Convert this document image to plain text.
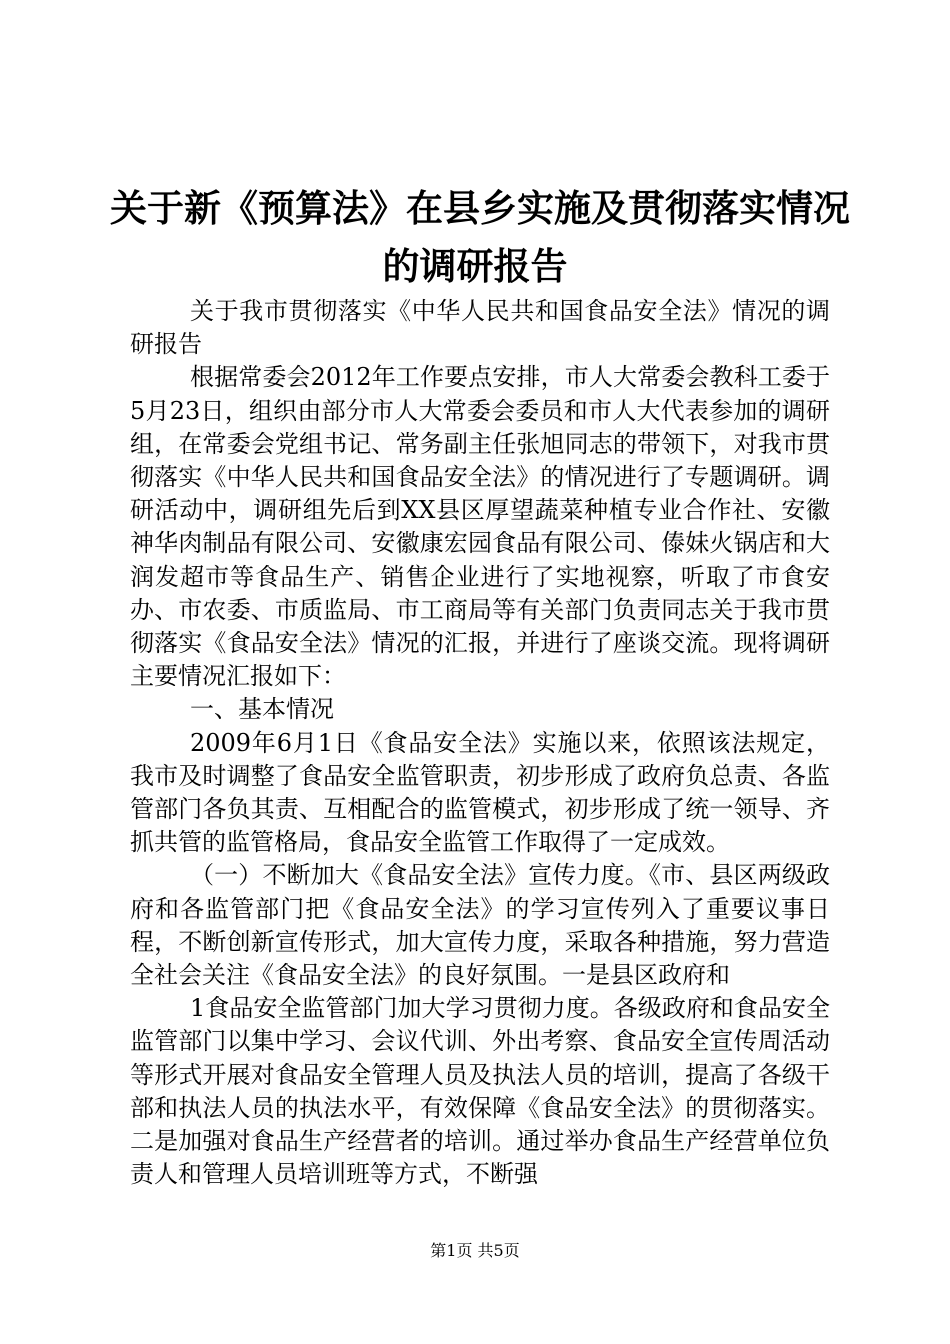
关于新《预算法》在县乡实施及贯彻落实情况
的调研报告

关于我市贯彻落实《中华人民共和国食品安全法》情况的调研报告

根据常委会2012年工作要点安排，市人大常委会教科工委于5月23日，组织由部分市人大常委会委员和市人大代表参加的调研组，在常委会党组书记、常务副主任张旭同志的带领下，对我市贯彻落实《中华人民共和国食品安全法》的情况进行了专题调研。调研活动中，调研组先后到XX县区厚望蔬菜种植专业合作社、安徽神华肉制品有限公司、安徽康宏园食品有限公司、傣妹火锅店和大润发超市等食品生产、销售企业进行了实地视察，听取了市食安办、市农委、市质监局、市工商局等有关部门负责同志关于我市贯彻落实《食品安全法》情况的汇报，并进行了座谈交流。现将调研主要情况汇报如下：

一、基本情况

2009年6月1日《食品安全法》实施以来，依照该法规定，我市及时调整了食品安全监管职责，初步形成了政府负总责、各监管部门各负其责、互相配合的监管模式，初步形成了统一领导、齐抓共管的监管格局，食品安全监管工作取得了一定成效。

（一）不断加大《食品安全法》宣传力度。《市、县区两级政府和各监管部门把《食品安全法》的学习宣传列入了重要议事日程，不断创新宣传形式，加大宣传力度，采取各种措施，努力营造全社会关注《食品安全法》的良好氛围。一是县区政府和

1食品安全监管部门加大学习贯彻力度。各级政府和食品安全监管部门以集中学习、会议代训、外出考察、食品安全宣传周活动等形式开展对食品安全管理人员及执法人员的培训，提高了各级干部和执法人员的执法水平，有效保障《食品安全法》的贯彻落实。二是加强对食品生产经营者的培训。通过举办食品生产经营单位负责人和管理人员培训班等方式，不断强

第1页 共5页
